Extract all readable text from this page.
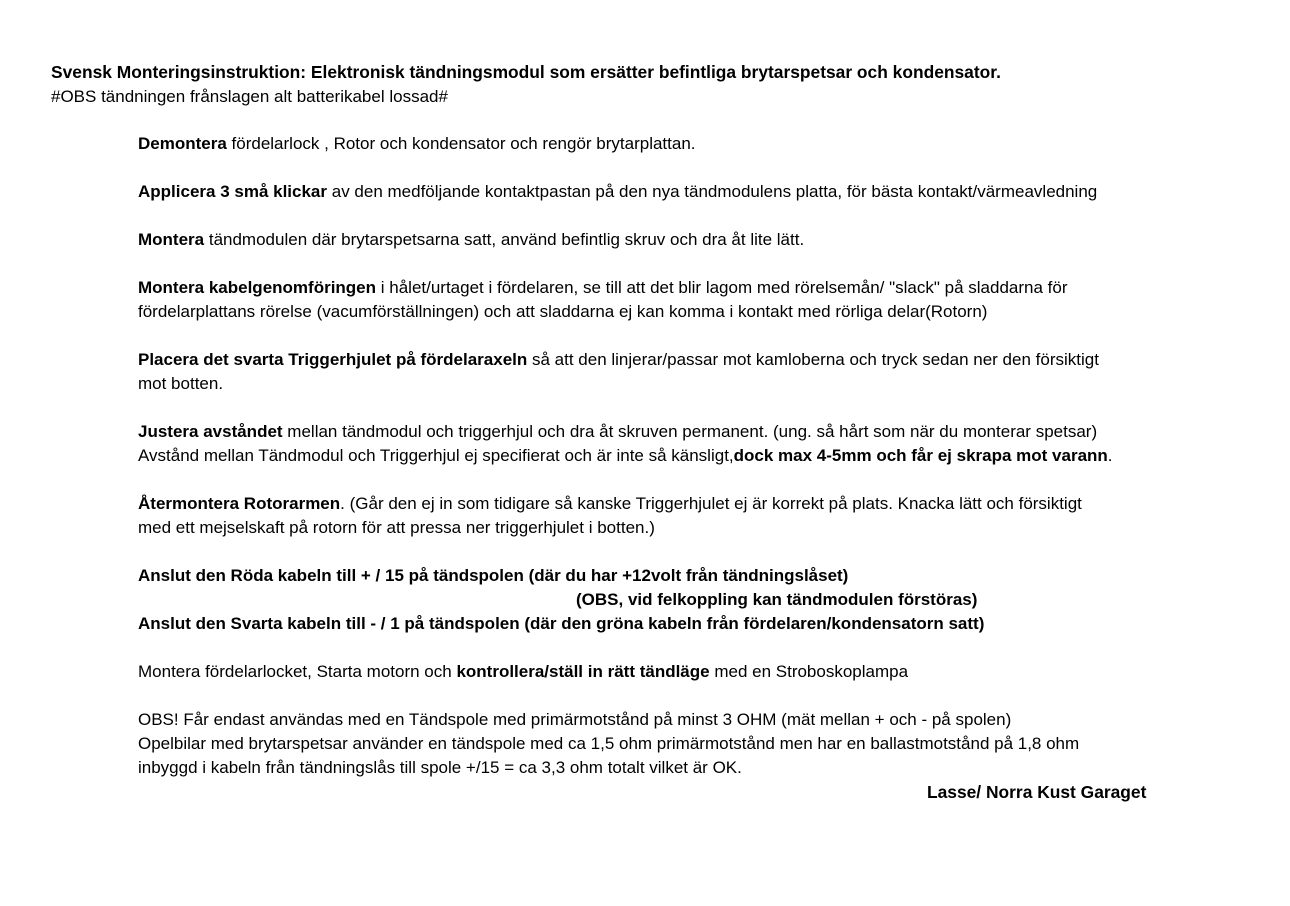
Svensk Monteringsinstruktion: Elektronisk tändningsmodul som ersätter befintliga brytarspetsar och kondensator.
#OBS tändningen frånslagen alt batterikabel lossad#
Demontera fördelarlock , Rotor och kondensator och rengör brytarplattan.
Applicera 3 små klickar av den medföljande kontaktpastan på den nya tändmodulens platta, för bästa kontakt/värmeavledning
Montera tändmodulen där brytarspetsarna satt, använd befintlig skruv och dra åt lite lätt.
Montera kabelgenomföringen i hålet/urtaget i fördelaren, se till att det blir lagom med rörelsemån/ "slack" på sladdarna för
fördelarplattans rörelse (vacumförställningen) och att sladdarna ej kan komma i kontakt med rörliga delar(Rotorn)
Placera det svarta Triggerhjulet på fördelaraxeln så att den linjerar/passar mot kamloberna och tryck sedan ner den försiktigt
mot botten.
Justera avståndet mellan tändmodul och triggerhjul och dra åt skruven permanent. (ung. så hårt som när du monterar spetsar)
Avstånd mellan Tändmodul och Triggerhjul ej specifierat och är inte så känsligt,dock max 4-5mm och får ej skrapa mot varann.
Återmontera Rotorarmen. (Går den ej in som tidigare så kanske Triggerhjulet ej är korrekt på plats. Knacka lätt och försiktigt
med ett mejselskaft på rotorn för att pressa ner triggerhjulet i botten.)
Anslut den Röda kabeln till + / 15 på tändspolen (där du har +12volt från tändningslåset)
(OBS, vid felkoppling kan tändmodulen förstöras)
Anslut den Svarta kabeln till - / 1 på tändspolen (där den gröna kabeln från fördelaren/kondensatorn satt)
Montera fördelarlocket, Starta motorn och kontrollera/ställ in rätt tändläge med en Stroboskoplampa
OBS! Får endast användas med en Tändspole med primärmotstånd på minst 3 OHM (mät mellan + och - på spolen)
Opelbilar med brytarspetsar använder en tändspole med ca 1,5 ohm primärmotstånd men har en ballastmotstånd på 1,8 ohm
inbyggd i kabeln från tändningslås till spole +/15 = ca 3,3 ohm totalt vilket är OK.
Lasse/ Norra Kust Garaget
